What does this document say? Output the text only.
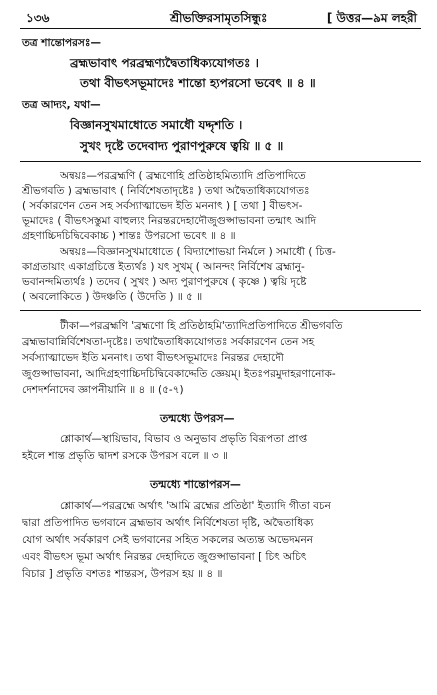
১৩৬	শ্রীভক্তিরসামৃতসিন্ধুঃ	[ উত্তর—৯ম লহরী
তত্র শান্তোপরসঃ—
ব্রহ্মভাবাৎ পরব্রহ্মণ্যদ্বৈতাধিক্যযোগতঃ ।
তথা বীভৎসভূমাদেঃ শান্তো হ্যপরসো ভবেৎ ॥ ৪ ॥
তত্র আদ্যং, যথা—
বিজ্ঞানসুখমাধোতে সমাধৌ যদ্দৃশতি ।
সুখং দৃষ্টে তদেবাদ্য পুরাণপুরুষে ত্বয়ি ॥ ৫ ॥
অন্বয়ঃ—পরব্রহ্মণি ( ব্রহ্মণোহি প্রতিষ্ঠাহমিত্যাদি প্রতিপাদিতে
শ্রীভগবতি ) ব্রহ্মভাবাৎ ( নির্বিশেষতাদৃষ্টেঃ ) তথা অদ্বৈতাধিক্যযোগতঃ
( সর্বকারণেন তেন সহ সর্বস্যাত্মাভেদ ইতি মননাৎ ) [ তথা ] বীভৎস-
ভূমাদেঃ ( বীভৎসস্তুমা বাহুল্যং নিরন্তরদেহাদৌজুগুপ্সাভাবনা তন্মাৎ আদি
গ্রহণাচ্চিদচিদ্বিবেকাচ্চ ) শান্তঃ উপরসো ভবেৎ ॥ ৪ ॥
অন্বয়ঃ—বিজ্ঞানসুখমাধোতে ( বিদ্যাশোভয়া নির্মলে ) সমাধৌ ( চিত্ত-
কাগ্রতায়াং একাগ্রচিত্তে ইত্যর্থঃ ) যৎ সুখম্ ( আনন্দং নির্বিশেষ ব্রহ্মানু-
ভবানন্দমিত্যর্থঃ ) তদেব ( সুখং ) অদ্য পুরাণপুরুষে ( কৃষ্ণে ) ত্বয়ি দৃষ্টে
( অবলোকিতে ) উদঞ্চতি ( উদেতি ) ॥ ৫ ॥
টীকা—পরব্রহ্মণি 'ব্রহ্মণো হি প্রতিষ্ঠাহমি'ত্যাদিপ্রতিপাদিতে শ্রীভগবতি
ব্রহ্মভাবান্নির্বিশেষতা-দৃষ্টেঃ। তথাদ্বৈতাধিক্যযোগতঃ সর্বকারণেন তেন সহ
সর্বস্যাত্মাভেদ ইতি মননাৎ। তথা বীভৎসভূমাদেঃ নিরন্তর দেহাদৌ
জুগুপ্সাভাবনা, আদিগ্রহণাচ্চিদচিদ্বিবেকাদ্দেতি জ্ঞেয়ম্। ইতঃপরমুদাহরণানোক-
দেশদর্শনাদেব জ্ঞাপনীয়ানি ॥ ৪ ॥ (৫-৭)
তন্মধ্যে উপরস—
শ্লোকার্থ—স্থায়িভাব, বিভাব ও অনুভাব প্রভৃতি বিরূপতা প্রাপ্ত
হইলে শান্ত প্রভৃতি দ্বাদশ রসকে উপরস বলে ॥ ৩ ॥
তন্মধ্যে শান্তোপরস—
শ্লোকার্থ—পরব্রহ্মে অর্থাৎ 'আমি ব্রহ্মের প্রতিষ্ঠা' ইত্যাদি গীতা বচন
দ্বারা প্রতিপাদিত ভগবানে ব্রহ্মভাব অর্থাৎ নির্বিশেষতা দৃষ্টি, অদ্বৈতাধিক্য
যোগ অর্থাৎ সর্বকারণ সেই ভগবানের সহিত সকলের অত্যন্ত অভেদমনন
এবং বীভৎস ভূমা অর্থাৎ নিরন্তর দেহাদিতে জুগুপ্সাভাবনা [ চিৎ অচিৎ
বিচার ] প্রভৃতি বশতঃ শান্তরস, উপরস হয় ॥ ৪ ॥
